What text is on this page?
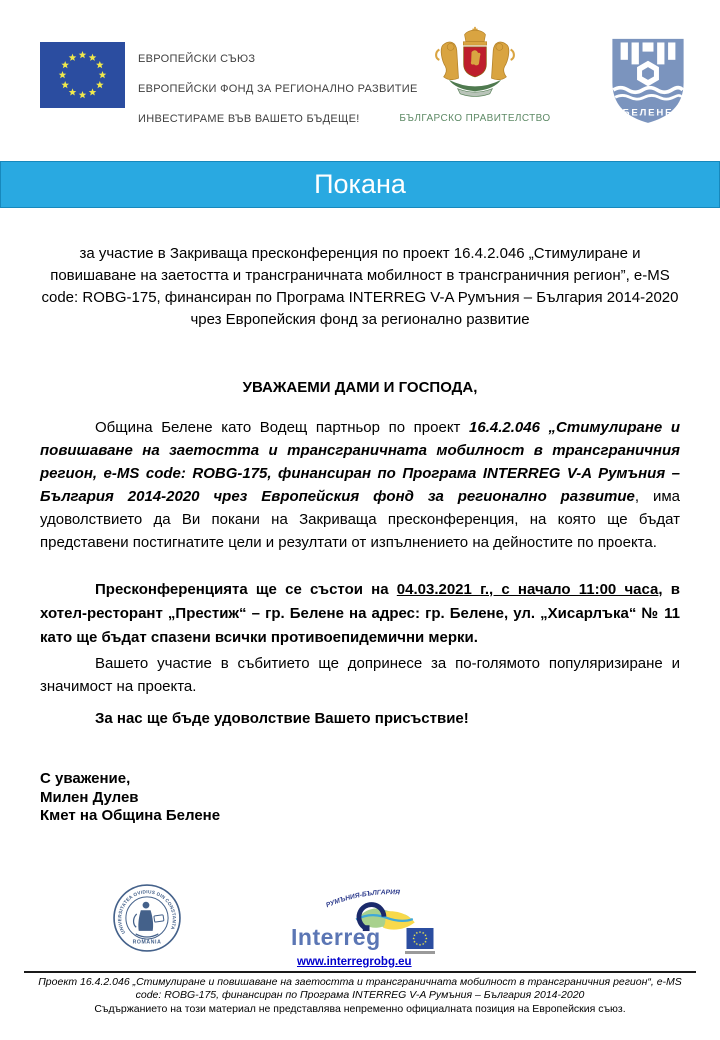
ЕВРОПЕЙСКИ СЪЮЗ
ЕВРОПЕЙСКИ ФОНД ЗА РЕГИОНАЛНО РАЗВИТИЕ
ИНВЕСТИРАМЕ ВЪВ ВАШЕТО БЪДЕЩЕ!	БЪЛГАРСКО ПРАВИТЕЛСТВО	БЕЛЕНЕ
Покана
за участие в Закриваща пресконференция по проект 16.4.2.046 „Стимулиране и повишаване на заетостта и трансграничната мобилност в трансграничния регион”, e-MS code: ROBG-175, финансиран по Програма INTERREG V-A Румъния – България 2014-2020 чрез Европейския фонд за регионално развитие
УВАЖАЕМИ ДАМИ И ГОСПОДА,
Община Белене като Водещ партньор по проект 16.4.2.046 „Стимулиране и повишаване на заетостта и трансграничната мобилност в трансграничния регион, e-MS code: ROBG-175, финансиран по Програма INTERREG V-A Румъния – България 2014-2020 чрез Европейския фонд за регионално развитие, има удоволствието да Ви покани на Закриваща пресконференция, на която ще бъдат представени постигнатите цели и резултати от изпълнението на дейностите по проекта.
Пресконференцията ще се състои на 04.03.2021 г., с начало 11:00 часа, в хотел-ресторант „Престиж“ – гр. Белене на адрес: гр. Белене, ул. „Хисарлъка“ № 11 като ще бъдат спазени всички противоепидемични мерки.
Вашето участие в събитието ще допринесе за по-голямото популяризиране и значимост на проекта.
За нас ще бъде удоволствие Вашето присъствие!
С уважение,
Милен Дулев
Кмет на Община Белене
UNIVERSITATEA OVIDIUS DIN CONSTANTA
ROMANIA
РУМЪНИЯ-БЪЛГАРИЯ
Interreg
www.interregrobg.eu
Проект 16.4.2.046 „Стимулиране и повишаване на заетостта и трансграничната мобилност в трансграничния регион“, e-MS code: ROBG-175, финансиран по Програма INTERREG V-A Румъния – България 2014-2020
Съдържанието на този материал не представлява непременно официалната позиция на Европейския съюз.
